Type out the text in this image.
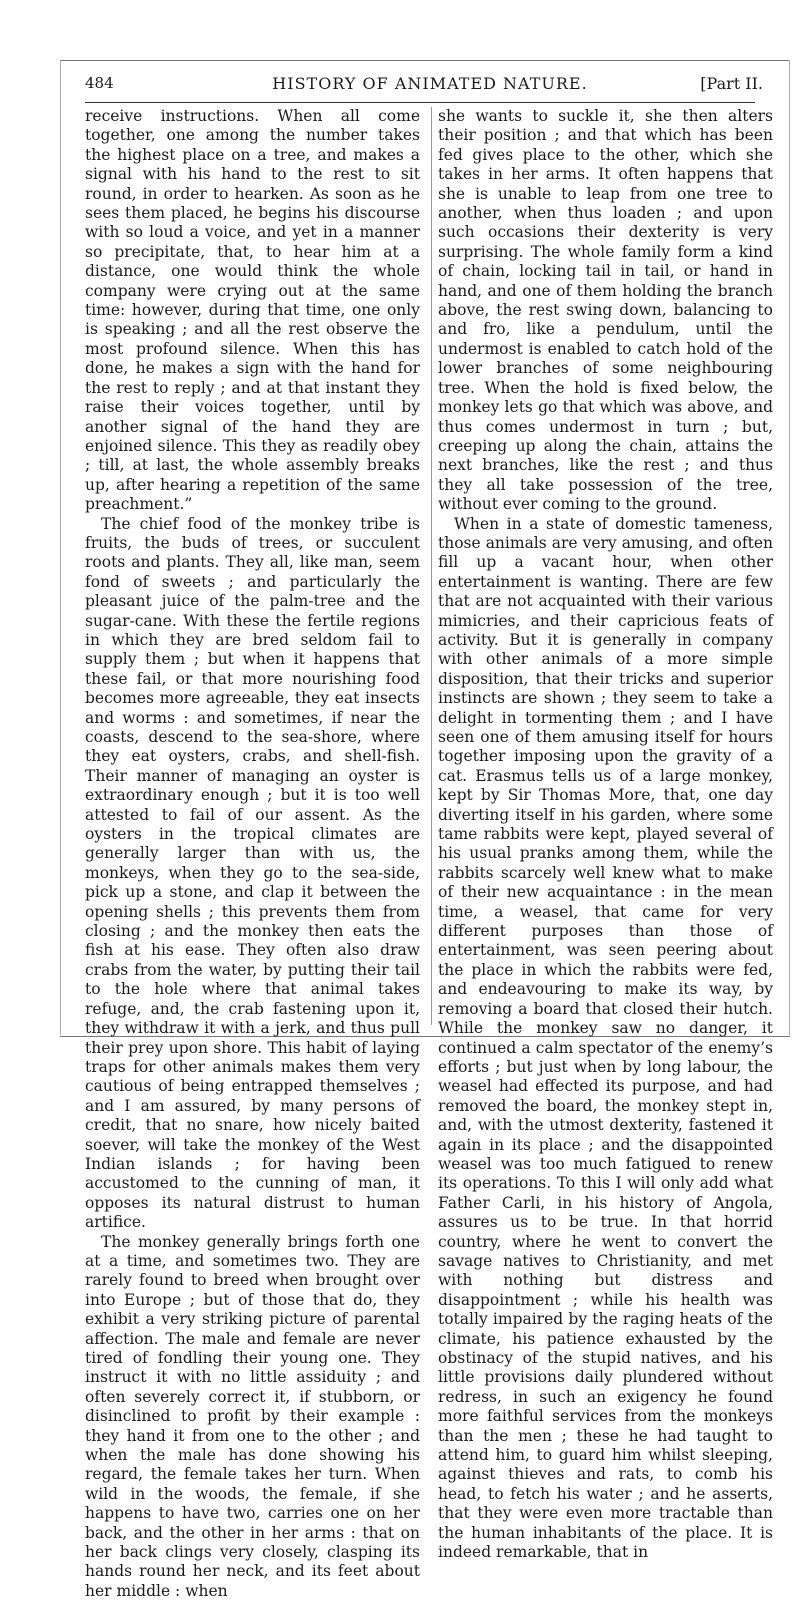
484	HISTORY OF ANIMATED NATURE.	[Part II.

receive instructions. When all come together, one among the number takes the highest place on a tree, and makes a signal with his hand to the rest to sit round, in order to hearken. As soon as he sees them placed, he begins his discourse with so loud a voice, and yet in a manner so precipitate, that, to hear him at a distance, one would think the whole company were crying out at the same time: however, during that time, one only is speaking ; and all the rest observe the most profound silence. When this has done, he makes a sign with the hand for the rest to reply ; and at that instant they raise their voices together, until by another signal of the hand they are enjoined silence. This they as readily obey ; till, at last, the whole assembly breaks up, after hearing a repetition of the same preachment.”

The chief food of the monkey tribe is fruits, the buds of trees, or succulent roots and plants. They all, like man, seem fond of sweets ; and particularly the pleasant juice of the palm-tree and the sugar-cane. With these the fertile regions in which they are bred seldom fail to supply them ; but when it happens that these fail, or that more nourishing food becomes more agreeable, they eat insects and worms : and sometimes, if near the coasts, descend to the sea-shore, where they eat oysters, crabs, and shell-fish. Their manner of managing an oyster is extraordinary enough ; but it is too well attested to fail of our assent. As the oysters in the tropical climates are generally larger than with us, the monkeys, when they go to the sea-side, pick up a stone, and clap it between the opening shells ; this prevents them from closing ; and the monkey then eats the fish at his ease. They often also draw crabs from the water, by putting their tail to the hole where that animal takes refuge, and, the crab fastening upon it, they withdraw it with a jerk, and thus pull their prey upon shore. This habit of laying traps for other animals makes them very cautious of being entrapped themselves ; and I am assured, by many persons of credit, that no snare, how nicely baited soever, will take the monkey of the West Indian islands ; for having been accustomed to the cunning of man, it opposes its natural distrust to human artifice.

The monkey generally brings forth one at a time, and sometimes two. They are rarely found to breed when brought over into Europe ; but of those that do, they exhibit a very striking picture of parental affection. The male and female are never tired of fondling their young one. They instruct it with no little assiduity ; and often severely correct it, if stubborn, or disinclined to profit by their example : they hand it from one to the other ; and when the male has done showing his regard, the female takes her turn. When wild in the woods, the female, if she happens to have two, carries one on her back, and the other in her arms : that on her back clings very closely, clasping its hands round her neck, and its feet about her middle : when

she wants to suckle it, she then alters their position ; and that which has been fed gives place to the other, which she takes in her arms. It often happens that she is unable to leap from one tree to another, when thus loaden ; and upon such occasions their dexterity is very surprising. The whole family form a kind of chain, locking tail in tail, or hand in hand, and one of them holding the branch above, the rest swing down, balancing to and fro, like a pendulum, until the undermost is enabled to catch hold of the lower branches of some neighbouring tree. When the hold is fixed below, the monkey lets go that which was above, and thus comes undermost in turn ; but, creeping up along the chain, attains the next branches, like the rest ; and thus they all take possession of the tree, without ever coming to the ground.

When in a state of domestic tameness, those animals are very amusing, and often fill up a vacant hour, when other entertainment is wanting. There are few that are not acquainted with their various mimicries, and their capricious feats of activity. But it is generally in company with other animals of a more simple disposition, that their tricks and superior instincts are shown ; they seem to take a delight in tormenting them ; and I have seen one of them amusing itself for hours together imposing upon the gravity of a cat. Erasmus tells us of a large monkey, kept by Sir Thomas More, that, one day diverting itself in his garden, where some tame rabbits were kept, played several of his usual pranks among them, while the rabbits scarcely well knew what to make of their new acquaintance : in the mean time, a weasel, that came for very different purposes than those of entertainment, was seen peering about the place in which the rabbits were fed, and endeavouring to make its way, by removing a board that closed their hutch. While the monkey saw no danger, it continued a calm spectator of the enemy’s efforts ; but just when by long labour, the weasel had effected its purpose, and had removed the board, the monkey stept in, and, with the utmost dexterity, fastened it again in its place ; and the disappointed weasel was too much fatigued to renew its operations. To this I will only add what Father Carli, in his history of Angola, assures us to be true. In that horrid country, where he went to convert the savage natives to Christianity, and met with nothing but distress and disappointment ; while his health was totally impaired by the raging heats of the climate, his patience exhausted by the obstinacy of the stupid natives, and his little provisions daily plundered without redress, in such an exigency he found more faithful services from the monkeys than the men ; these he had taught to attend him, to guard him whilst sleeping, against thieves and rats, to comb his head, to fetch his water ; and he asserts, that they were even more tractable than the human inhabitants of the place. It is indeed remarkable, that in
